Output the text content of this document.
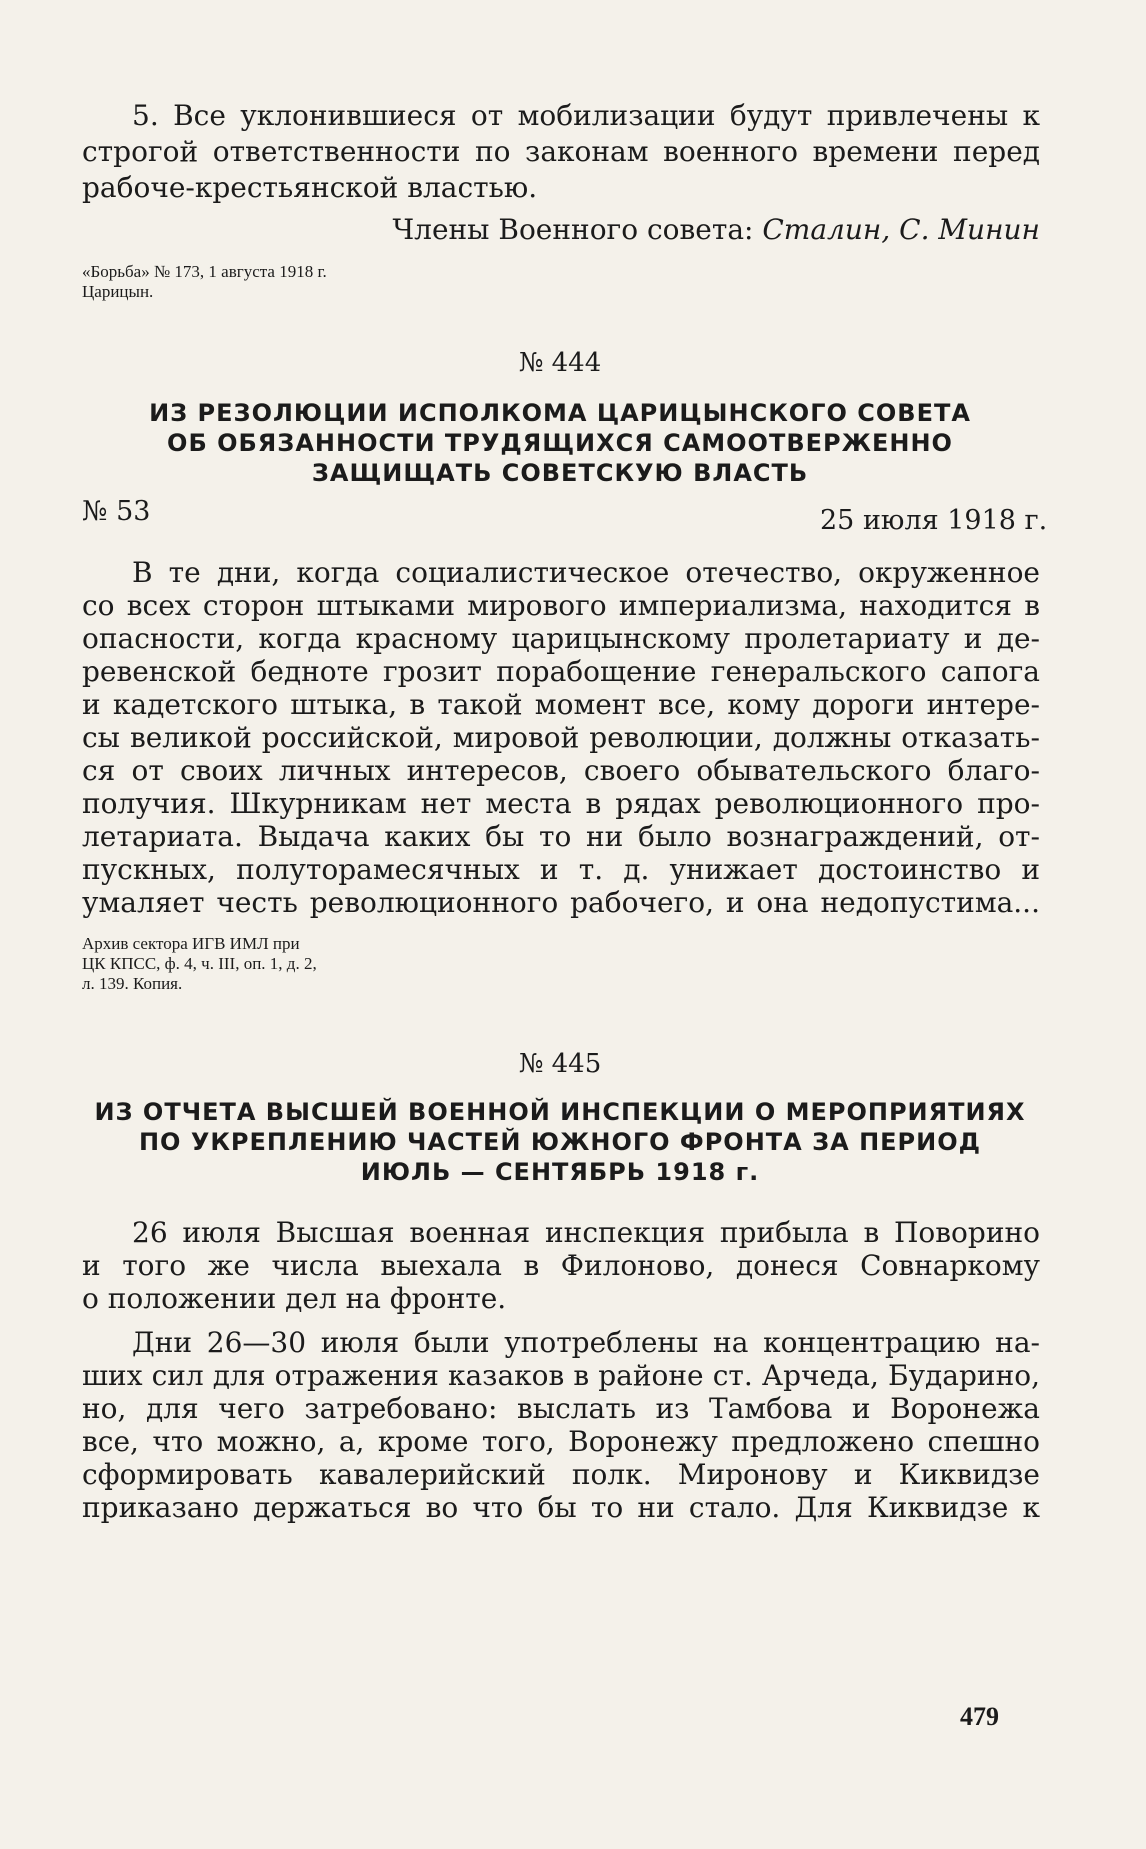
5. Все уклонившиеся от мобилизации будут привлечены к
строгой ответственности по законам военного времени перед
рабоче-крестьянской властью.
Члены Военного совета: Сталин, С. Минин
«Борьба» № 173, 1 августа 1918 г.
Царицын.
№ 444
ИЗ РЕЗОЛЮЦИИ ИСПОЛКОМА ЦАРИЦЫНСКОГО СОВЕТА
ОБ ОБЯЗАННОСТИ ТРУДЯЩИХСЯ САМООТВЕРЖЕННО
ЗАЩИЩАТЬ СОВЕТСКУЮ ВЛАСТЬ
№ 53	25 июля 1918 г.
В те дни, когда социалистическое отечество, окруженное
со всех сторон штыками мирового империализма, находится в
опасности, когда красному царицынскому пролетариату и де-
ревенской бедноте грозит порабощение генеральского сапога
и кадетского штыка, в такой момент все, кому дороги интере-
сы великой российской, мировой революции, должны отказать-
ся от своих личных интересов, своего обывательского благо-
получия. Шкурникам нет места в рядах революционного про-
летариата. Выдача каких бы то ни было вознаграждений, от-
пускных, полуторамесячных и т. д. унижает достоинство и
умаляет честь революционного рабочего, и она недопустима...
Архив сектора ИГВ ИМЛ при
ЦК КПСС, ф. 4, ч. III, оп. 1, д. 2,
л. 139. Копия.
№ 445
ИЗ ОТЧЕТА ВЫСШЕЙ ВОЕННОЙ ИНСПЕКЦИИ О МЕРОПРИЯТИЯХ
ПО УКРЕПЛЕНИЮ ЧАСТЕЙ ЮЖНОГО ФРОНТА ЗА ПЕРИОД
ИЮЛЬ — СЕНТЯБРЬ 1918 г.
26 июля Высшая военная инспекция прибыла в Поворино
и того же числа выехала в Филоново, донеся Совнаркому
о положении дел на фронте.
Дни 26—30 июля были употреблены на концентрацию на-
ших сил для отражения казаков в районе ст. Арчеда, Бударино,
но, для чего затребовано: выслать из Тамбова и Воронежа
все, что можно, а, кроме того, Воронежу предложено спешно
сформировать кавалерийский полк. Миронову и Киквидзе
приказано держаться во что бы то ни стало. Для Киквидзе к
479
